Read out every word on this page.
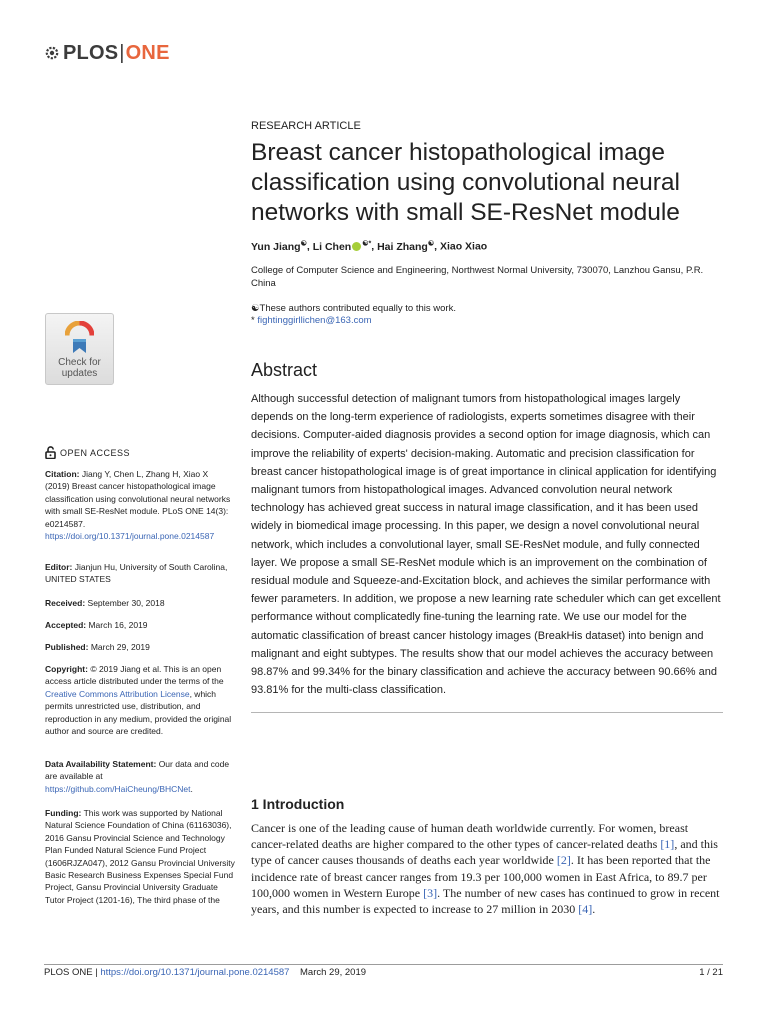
PLOS | ONE
Check for
updates
OPEN ACCESS
Citation: Jiang Y, Chen L, Zhang H, Xiao X (2019) Breast cancer histopathological image classification using convolutional neural networks with small SE-ResNet module. PLoS ONE 14(3): e0214587. https://doi.org/10.1371/journal.pone.0214587
Editor: Jianjun Hu, University of South Carolina, UNITED STATES
Received: September 30, 2018
Accepted: March 16, 2019
Published: March 29, 2019
Copyright: © 2019 Jiang et al. This is an open access article distributed under the terms of the Creative Commons Attribution License, which permits unrestricted use, distribution, and reproduction in any medium, provided the original author and source are credited.
Data Availability Statement: Our data and code are available at https://github.com/HaiCheung/BHCNet.
Funding: This work was supported by National Natural Science Foundation of China (61163036), 2016 Gansu Provincial Science and Technology Plan Funded Natural Science Fund Project (1606RJZA047), 2012 Gansu Provincial University Basic Research Business Expenses Special Fund Project, Gansu Provincial University Graduate Tutor Project (1201-16), The third phase of the
RESEARCH ARTICLE
Breast cancer histopathological image classification using convolutional neural networks with small SE-ResNet module
Yun Jiang☯, Li Chen ☯*, Hai Zhang☯, Xiao Xiao
College of Computer Science and Engineering, Northwest Normal University, 730070, Lanzhou Gansu, P.R. China
☯These authors contributed equally to this work.
* fightinggirllichen@163.com
Abstract
Although successful detection of malignant tumors from histopathological images largely depends on the long-term experience of radiologists, experts sometimes disagree with their decisions. Computer-aided diagnosis provides a second option for image diagnosis, which can improve the reliability of experts' decision-making. Automatic and precision classification for breast cancer histopathological image is of great importance in clinical application for identifying malignant tumors from histopathological images. Advanced convolution neural network technology has achieved great success in natural image classification, and it has been used widely in biomedical image processing. In this paper, we design a novel convolutional neural network, which includes a convolutional layer, small SE-ResNet module, and fully connected layer. We propose a small SE-ResNet module which is an improvement on the combination of residual module and Squeeze-and-Excitation block, and achieves the similar performance with fewer parameters. In addition, we propose a new learning rate scheduler which can get excellent performance without complicatedly fine-tuning the learning rate. We use our model for the automatic classification of breast cancer histology images (BreakHis dataset) into benign and malignant and eight subtypes. The results show that our model achieves the accuracy between 98.87% and 99.34% for the binary classification and achieve the accuracy between 90.66% and 93.81% for the multi-class classification.
1 Introduction
Cancer is one of the leading cause of human death worldwide currently. For women, breast cancer-related deaths are higher compared to the other types of cancer-related deaths [1], and this type of cancer causes thousands of deaths each year worldwide [2]. It has been reported that the incidence rate of breast cancer ranges from 19.3 per 100,000 women in East Africa, to 89.7 per 100,000 women in Western Europe [3]. The number of new cases has continued to grow in recent years, and this number is expected to increase to 27 million in 2030 [4].
PLOS ONE | https://doi.org/10.1371/journal.pone.0214587 March 29, 2019	1 / 21
